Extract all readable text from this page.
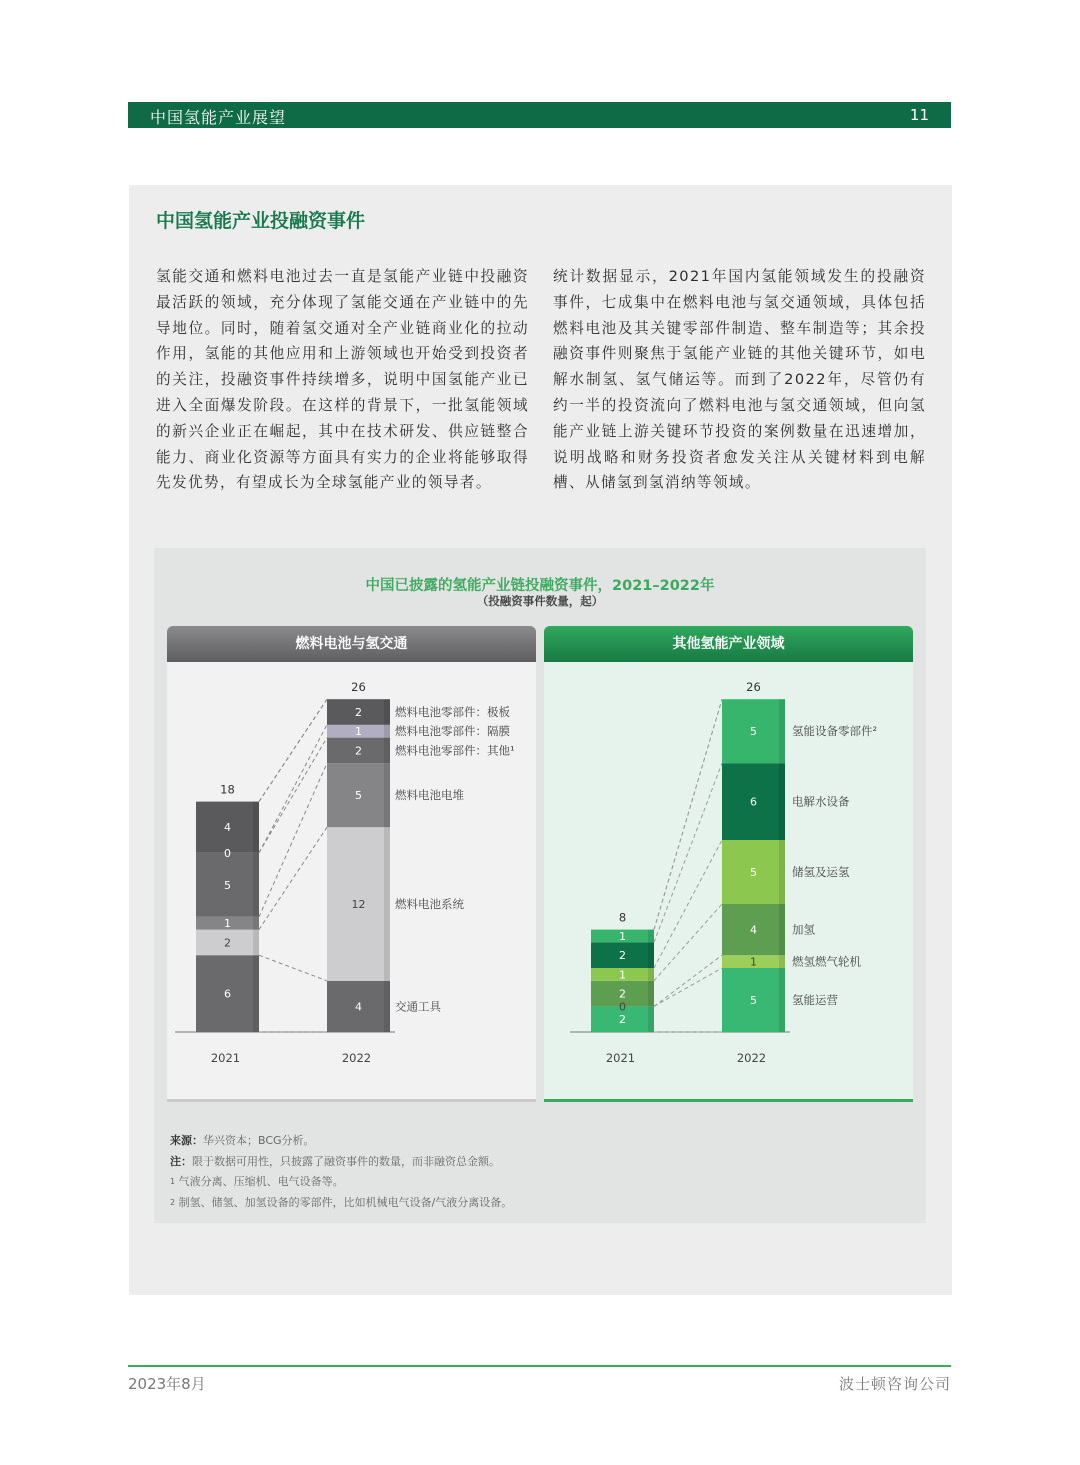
中国氢能产业展望	11
中国氢能产业投融资事件
氢能交通和燃料电池过去一直是氢能产业链中投融资最活跃的领域，充分体现了氢能交通在产业链中的先导地位。同时，随着氢交通对全产业链商业化的拉动作用，氢能的其他应用和上游领域也开始受到投资者的关注，投融资事件持续增多，说明中国氢能产业已进入全面爆发阶段。在这样的背景下，一批氢能领域的新兴企业正在崛起，其中在技术研发、供应链整合能力、商业化资源等方面具有实力的企业将能够取得先发优势，有望成长为全球氢能产业的领导者。
统计数据显示，2021年国内氢能领域发生的投融资事件，七成集中在燃料电池与氢交通领域，具体包括燃料电池及其关键零部件制造、整车制造等；其余投融资事件则聚焦于氢能产业链的其他关键环节，如电解水制氢、氢气储运等。而到了2022年，尽管仍有约一半的投资流向了燃料电池与氢交通领域，但向氢能产业链上游关键环节投资的案例数量在迅速增加，说明战略和财务投资者愈发关注从关键材料到电解槽、从储氢到氢消纳等领域。
中国已披露的氢能产业链投融资事件，2021–2022年
（投融资事件数量，起）
燃料电池与氢交通	其他氢能产业领域
6
2
1
5
0
4
18
2021
4
12
5
2
1
2
26
2022
燃料电池零部件：极板
燃料电池零部件：隔膜
燃料电池零部件：其他¹
燃料电池电堆
燃料电池系统
交通工具
2
0
2
1
2
1
8
2021
5
1
4
5
6
5
26
2022
氢能设备零部件²
电解水设备
储氢及运氢
加氢
燃氢燃气轮机
氢能运营
来源：华兴资本；BCG分析。
注：限于数据可用性，只披露了融资事件的数量，而非融资总金额。
$^1$ 气液分离、压缩机、电气设备等。
$^2$ 制氢、储氢、加氢设备的零部件，比如机械电气设备/气液分离设备。
2023年8月	波士顿咨询公司
